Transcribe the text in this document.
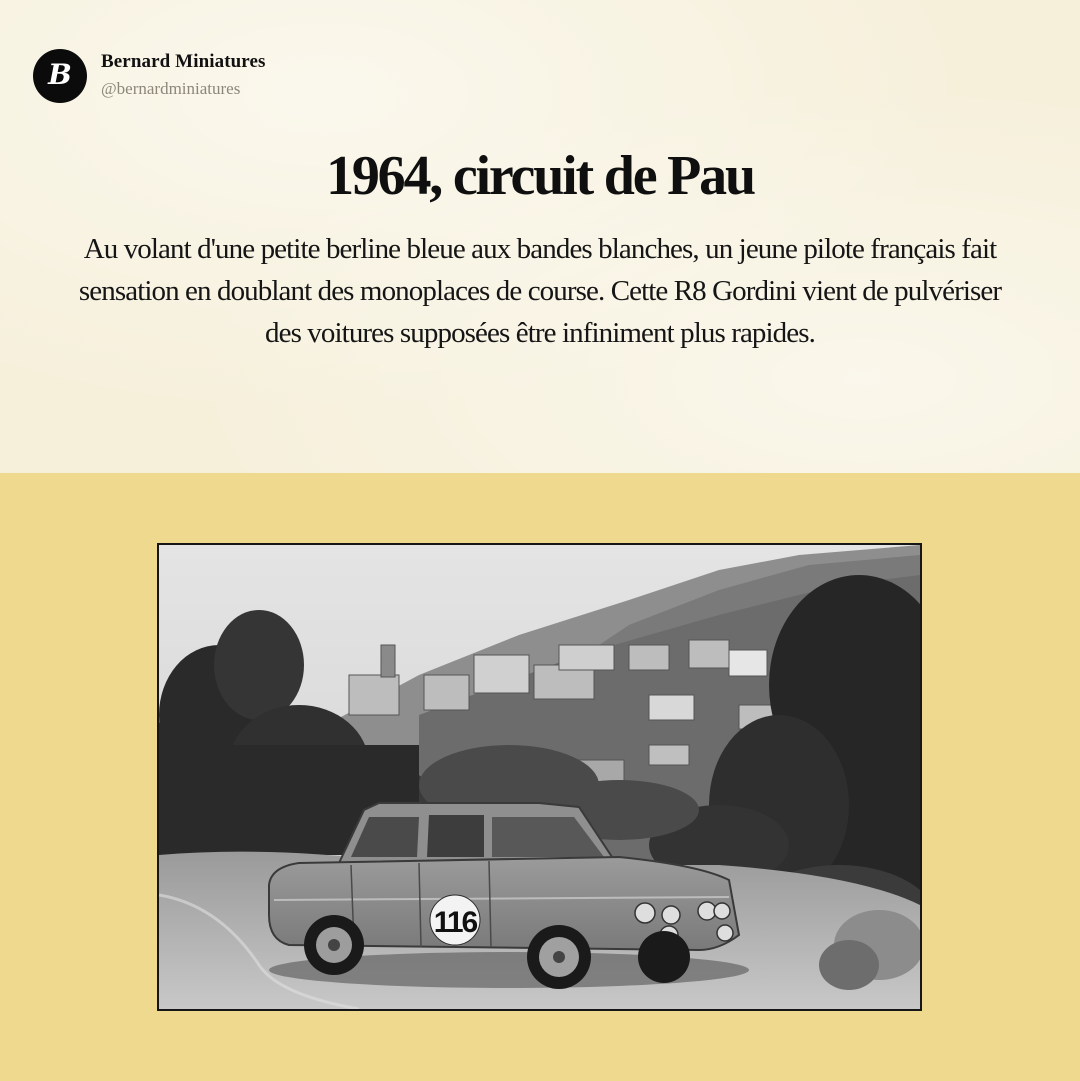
B Bernard Miniatures
@bernardminiatures
1964, circuit de Pau

Au volant d'une petite berline bleue aux bandes blanches, un jeune pilote français fait sensation en doublant des monoplaces de course. Cette R8 Gordini vient de pulvériser des voitures supposées être infiniment plus rapides.

116
